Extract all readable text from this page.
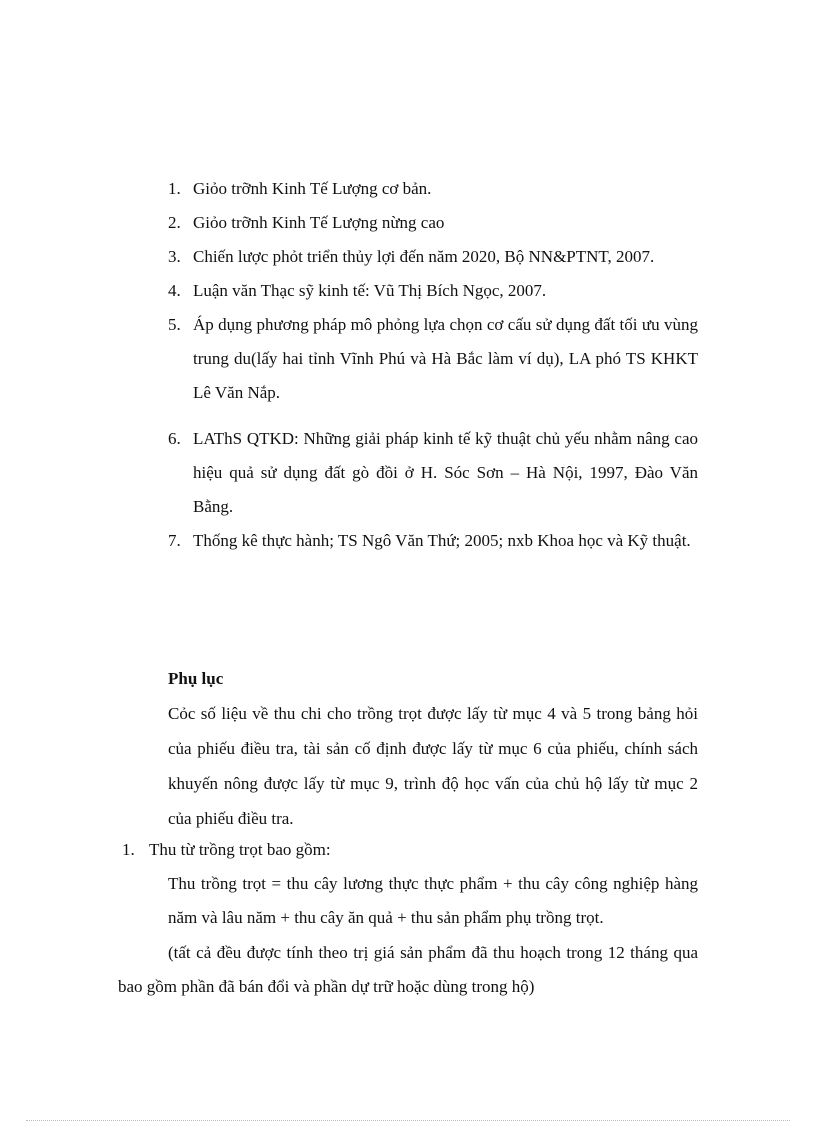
1. Giỏo trỡnh Kinh Tế Lượng cơ bản.
2. Giỏo trỡnh Kinh Tế Lượng nừng cao
3. Chiến lược phỏt triển thủy lợi đến năm 2020, Bộ NN&PTNT, 2007.
4. Luận văn Thạc sỹ kinh tế: Vũ Thị Bích Ngọc, 2007.
5. Áp dụng phương pháp mô phỏng lựa chọn cơ cấu sử dụng đất tối ưu vùng trung du(lấy hai tỉnh Vĩnh Phú và Hà Bắc làm ví dụ), LA phó TS KHKT Lê Văn Nắp.
6. LAThS QTKD: Những giải pháp kinh tế kỹ thuật chủ yếu nhằm nâng cao hiệu quả sử dụng đất gò đồi ở H. Sóc Sơn – Hà Nội, 1997, Đào Văn Bằng.
7. Thống kê thực hành; TS Ngô Văn Thứ; 2005; nxb Khoa học và Kỹ thuật.

Phụ lục

Cỏc số liệu về thu chi cho trồng trọt được lấy từ mục 4 và 5 trong bảng hỏi của phiếu điều tra, tài sản cố định được lấy từ mục 6 của phiếu, chính sách khuyến nông được lấy từ mục 9, trình độ học vấn của chủ hộ lấy từ mục 2 của phiếu điều tra.

1. Thu từ trồng trọt bao gồm:

Thu trồng trọt = thu cây lương thực thực phẩm + thu cây công nghiệp hàng năm và lâu năm + thu cây ăn quả + thu sản phẩm phụ trồng trọt.

(tất cả đều được tính theo trị giá sản phẩm đã thu hoạch trong 12 tháng qua bao gồm phần đã bán đổi và phần dự trữ hoặc dùng trong hộ)
